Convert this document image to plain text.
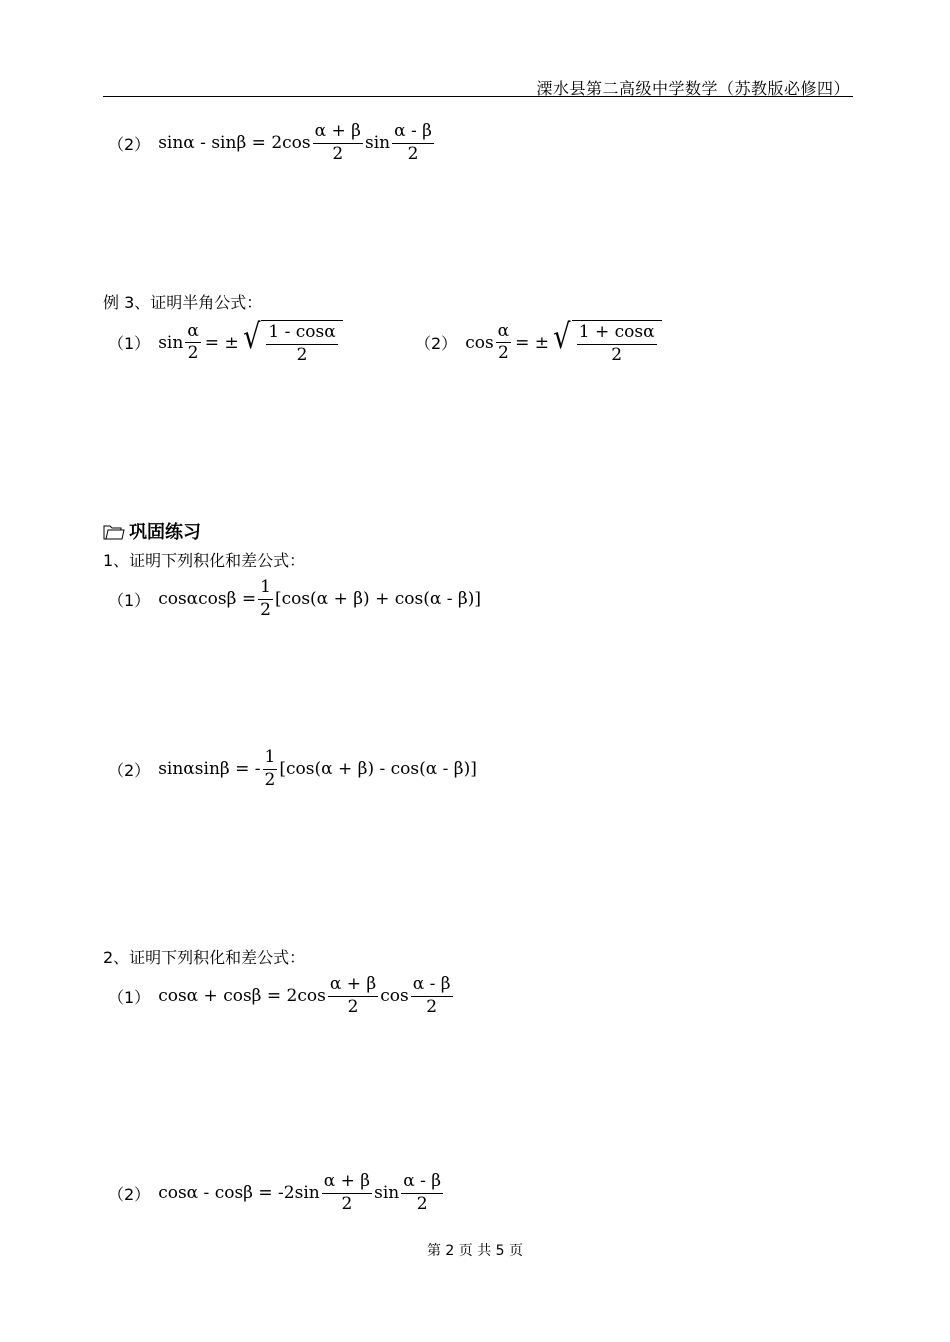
溧水县第二高级中学数学（苏教版必修四）
（2） $\sin\alpha - \sin\beta = 2\cos \frac{\alpha + \beta}{2}$ $\sin \frac{\alpha - \beta}{2}$
例 3、证明半角公式：
（1） $\sin \frac{\alpha}{2}$ = ± √ $\frac{1 - \cos\alpha}{2}$	（2） $\cos \frac{\alpha}{2}$ = ± √ $\frac{1 + \cos\alpha}{2}$
巩固练习
1、证明下列积化和差公式：
（1） $\cos\alpha\cos\beta = \frac{1}{2} [\cos(\alpha + \beta) + \cos(\alpha - \beta)]$
（2） sinαsinβ = - $\frac{1}{2} [\cos(\alpha + \beta) - \cos(\alpha - \beta)]$
2、证明下列积化和差公式：
（1） $\cos\alpha + \cos\beta = 2\cos \frac{\alpha + \beta}{2}$ $\cos \frac{\alpha - \beta}{2}$
（2） $\cos\alpha - \cos\beta = -2\sin \frac{\alpha + \beta}{2}$ $\sin \frac{\alpha - \beta}{2}$
第 2 页 共 5 页
